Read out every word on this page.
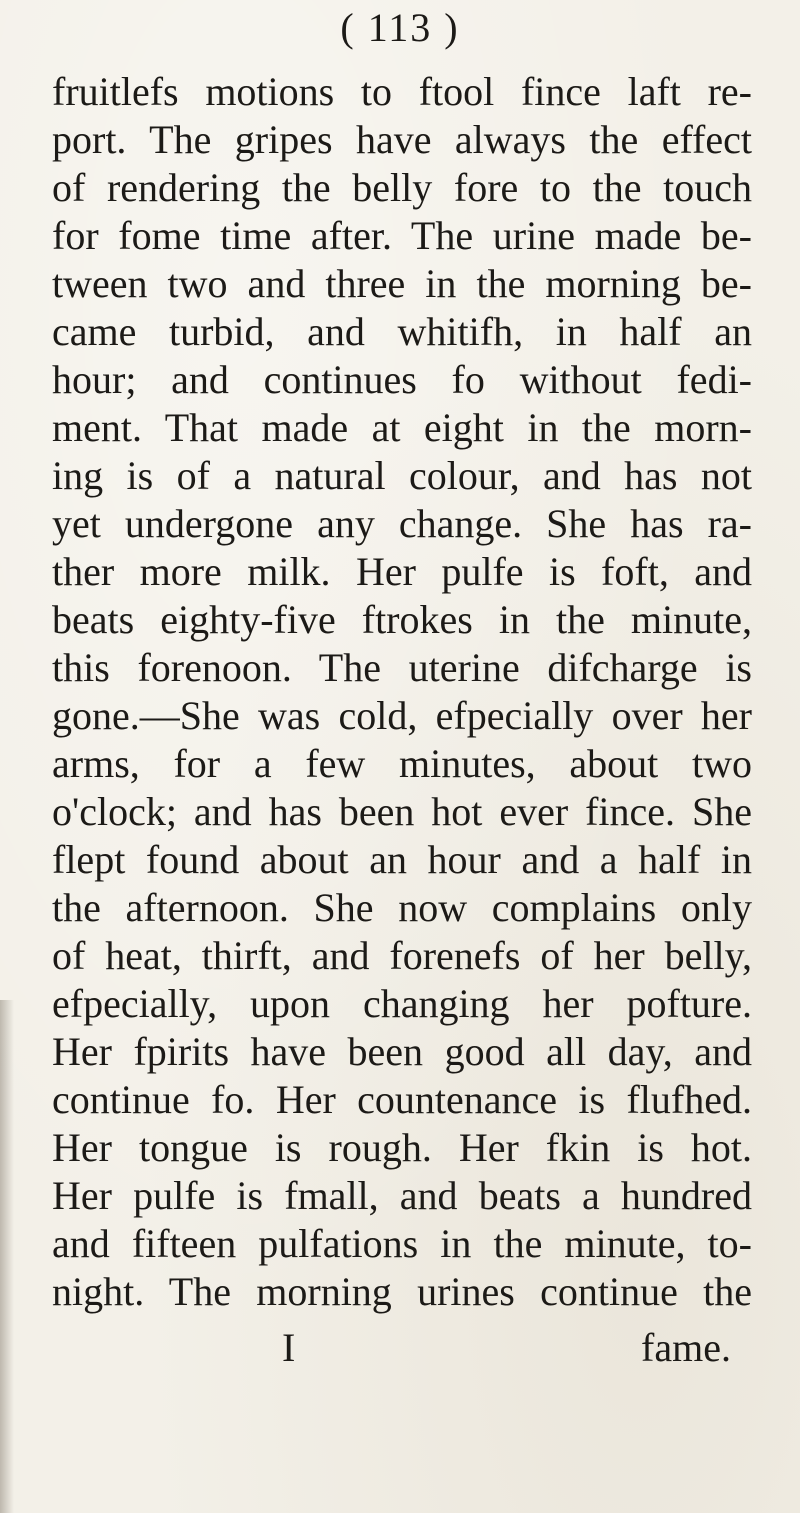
( 113 )
fruitlefs motions to ftool fince laft re-
port. The gripes have always the effect
of rendering the belly fore to the touch
for fome time after. The urine made be-
tween two and three in the morning be-
came turbid, and whitifh, in half an
hour; and continues fo without fedi-
ment. That made at eight in the morn-
ing is of a natural colour, and has not
yet undergone any change. She has ra-
ther more milk. Her pulfe is foft, and
beats eighty-five ftrokes in the minute,
this forenoon. The uterine difcharge is
gone.—She was cold, efpecially over her
arms, for a few minutes, about two
o'clock; and has been hot ever fince. She
flept found about an hour and a half in
the afternoon. She now complains only
of heat, thirft, and forenefs of her belly,
efpecially, upon changing her pofture.
Her fpirits have been good all day, and
continue fo. Her countenance is flufhed.
Her tongue is rough. Her fkin is hot.
Her pulfe is fmall, and beats a hundred
and fifteen pulfations in the minute, to-
night. The morning urines continue the
I	fame.
